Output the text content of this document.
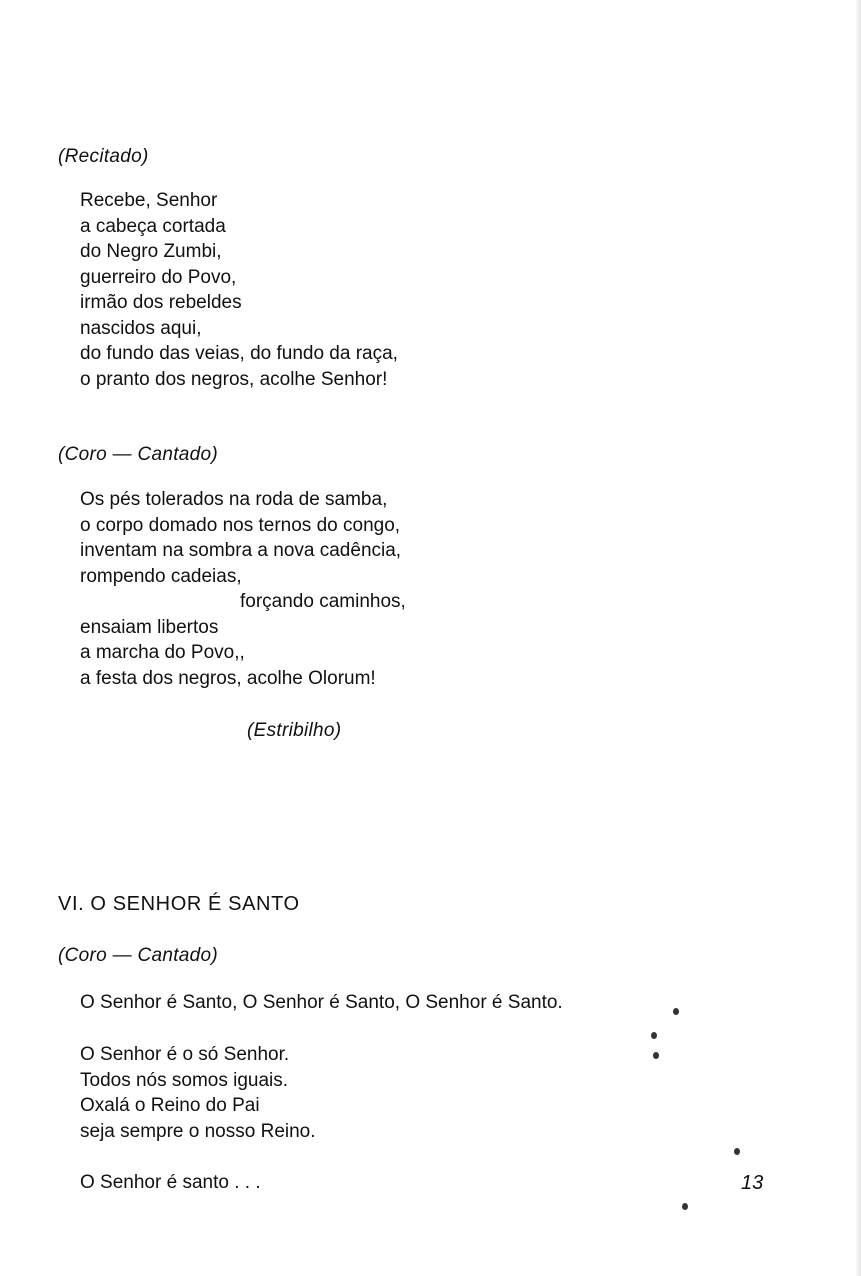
(Recitado)
Recebe, Senhor
a cabeça cortada
do Negro Zumbi,
guerreiro do Povo,
irmão dos rebeldes
nascidos aqui,
do fundo das veias, do fundo da raça,
o pranto dos negros, acolhe Senhor!
(Coro — Cantado)
Os pés tolerados na roda de samba,
o corpo domado nos ternos do congo,
inventam na sombra a nova cadência,
rompendo cadeias,
forçando caminhos,
ensaiam libertos
a marcha do Povo,,
a festa dos negros, acolhe Olorum!
(Estribilho)
VI. O SENHOR É SANTO
(Coro — Cantado)
O Senhor é Santo, O Senhor é Santo, O Senhor é Santo.
O Senhor é o só Senhor.
Todos nós somos iguais.
Oxalá o Reino do Pai
seja sempre o nosso Reino.
O Senhor é santo . . .	13
